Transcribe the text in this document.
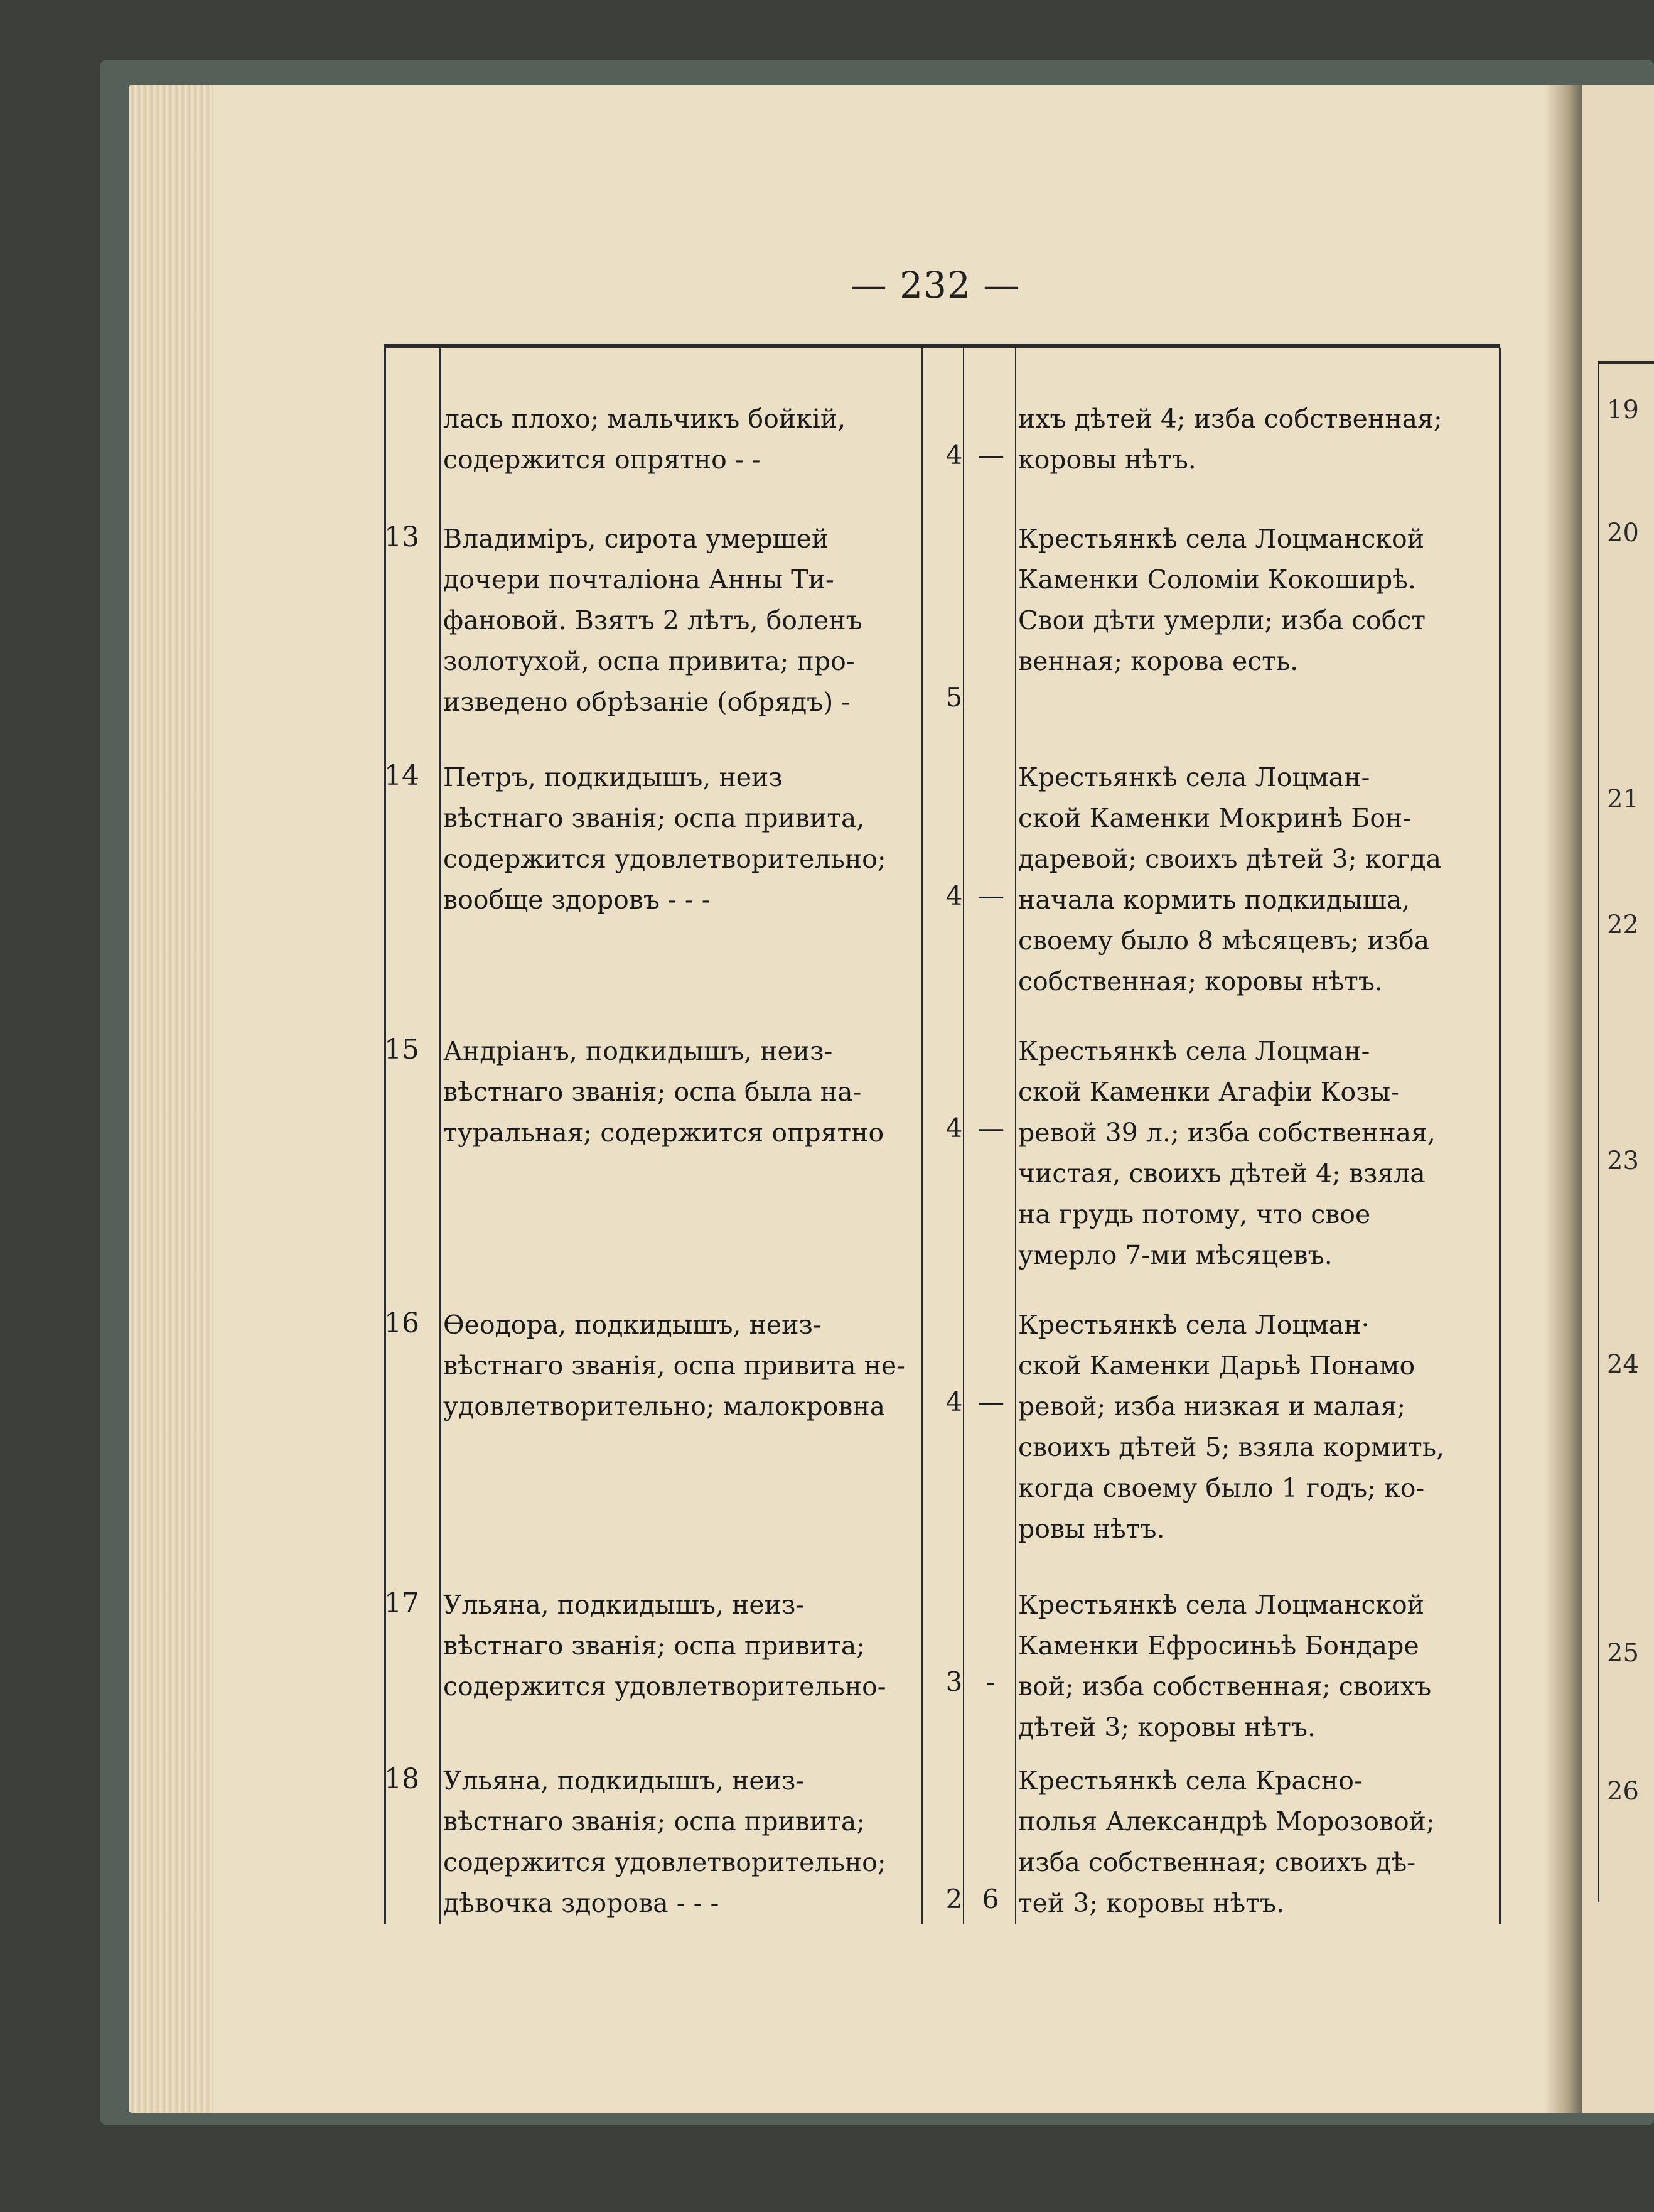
— 232 —
лась плохо; мальчикъ бойкій,
содержится опрятно - -	4 —
ихъ дѣтей 4; изба собственная;
коровы нѣтъ.
13 Владиміръ, сирота умершей
дочери почталіона Анны Ти-
фановой. Взятъ 2 лѣтъ, боленъ
золотухой, оспа привита; про-
изведено обрѣзаніе (обрядъ) -	5
Крестьянкѣ села Лоцманской
Каменки Соломіи Кокоширѣ.
Свои дѣти умерли; изба собст
венная; корова есть.
14 Петръ, подкидышъ, неиз
вѣстнаго званія; оспа привита,
содержится удовлетворительно;
вообще здоровъ - - -	4 —
Крестьянкѣ села Лоцман-
ской Каменки Мокринѣ Бон-
даревой; своихъ дѣтей 3; когда
начала кормить подкидыша,
своему было 8 мѣсяцевъ; изба
собственная; коровы нѣтъ.
15 Андріанъ, подкидышъ, неиз-
вѣстнаго званія; оспа была на-
туральная; содержится опрятно	4 —
Крестьянкѣ села Лоцман-
ской Каменки Агафіи Козы-
ревой 39 л.; изба собственная,
чистая, своихъ дѣтей 4; взяла
на грудь потому, что свое
умерло 7-ми мѣсяцевъ.
16 Өеодора, подкидышъ, неиз-
вѣстнаго званія, оспа привита не-
удовлетворительно; малокровна	4 —
Крестьянкѣ села Лоцман·
ской Каменки Дарьѣ Понамо
ревой; изба низкая и малая;
своихъ дѣтей 5; взяла кормить,
когда своему было 1 годъ; ко-
ровы нѣтъ.
17 Ульяна, подкидышъ, неиз-
вѣстнаго званія; оспа привита;
содержится удовлетворительно-	3 -
Крестьянкѣ села Лоцманской
Каменки Ефросиньѣ Бондаре
вой; изба собственная; своихъ
дѣтей 3; коровы нѣтъ.
18 Ульяна, подкидышъ, неиз-
вѣстнаго званія; оспа привита;
содержится удовлетворительно;
дѣвочка здорова - - -	2 6
Крестьянкѣ села Красно-
полья Александрѣ Морозовой;
изба собственная; своихъ дѣ-
тей 3; коровы нѣтъ.
19
20
21
22
23
24
25
26
